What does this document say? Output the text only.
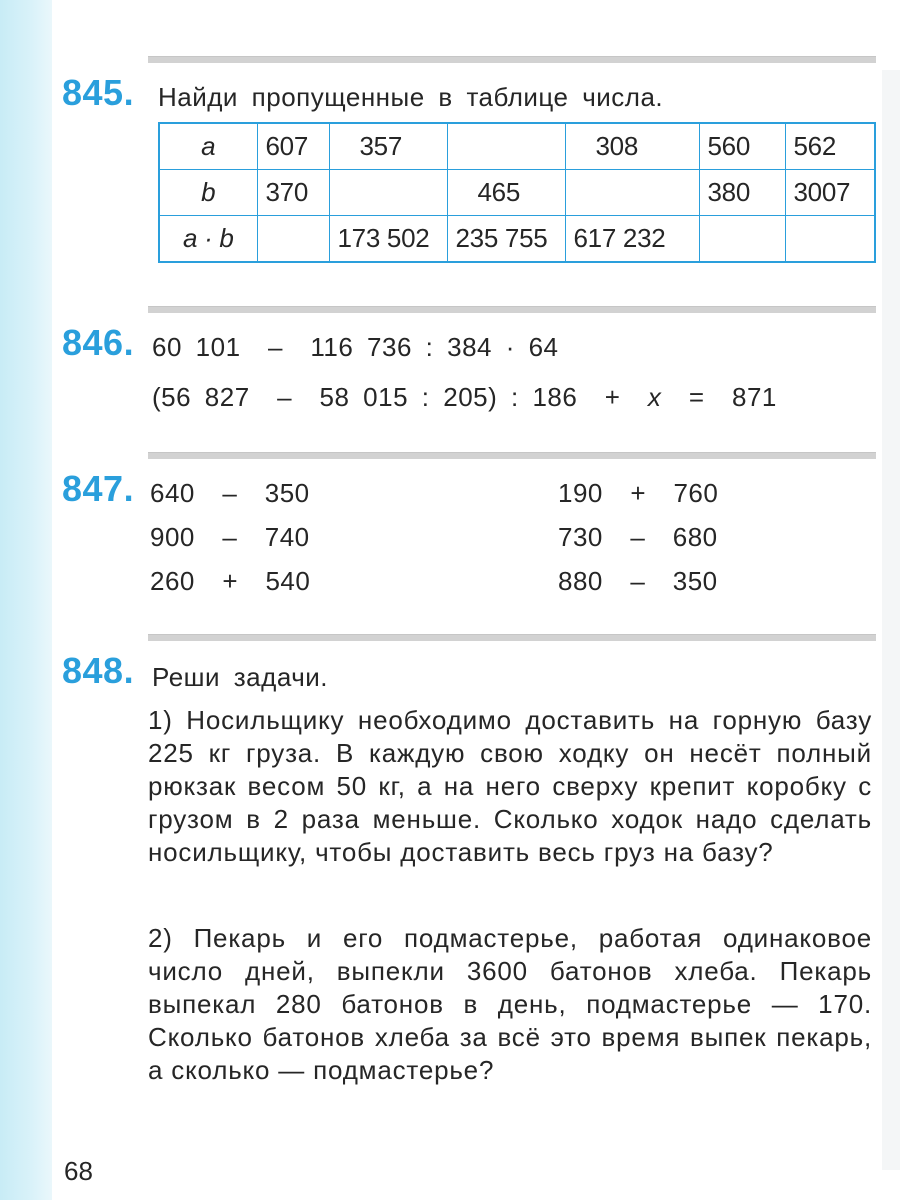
845. Найди пропущенные в таблице числа.
a	607	357		308	560	562
b	370		465		380	3007
a · b		173 502	235 755	617 232		
846. 60 101  –  116 736 : 384 · 64
(56 827  –  58 015 : 205) : 186  +  x  =  871
847. 640  –  350
900  –  740
260  +  540
190  +  760
730  –  680
880  –  350
848. Реши задачи.
1) Носильщику необходимо доставить на горную базу 225 кг груза. В каждую свою ходку он несёт полный рюкзак весом 50 кг, а на него сверху крепит коробку с грузом в 2 раза меньше. Сколько ходок надо сделать носильщику, чтобы доставить весь груз на базу?
2) Пекарь и его подмастерье, работая одинаковое число дней, выпекли 3600 батонов хлеба. Пекарь выпекал 280 батонов в день, подмастерье — 170. Сколько батонов хлеба за всё это время выпек пекарь, а сколько — подмастерье?
68
